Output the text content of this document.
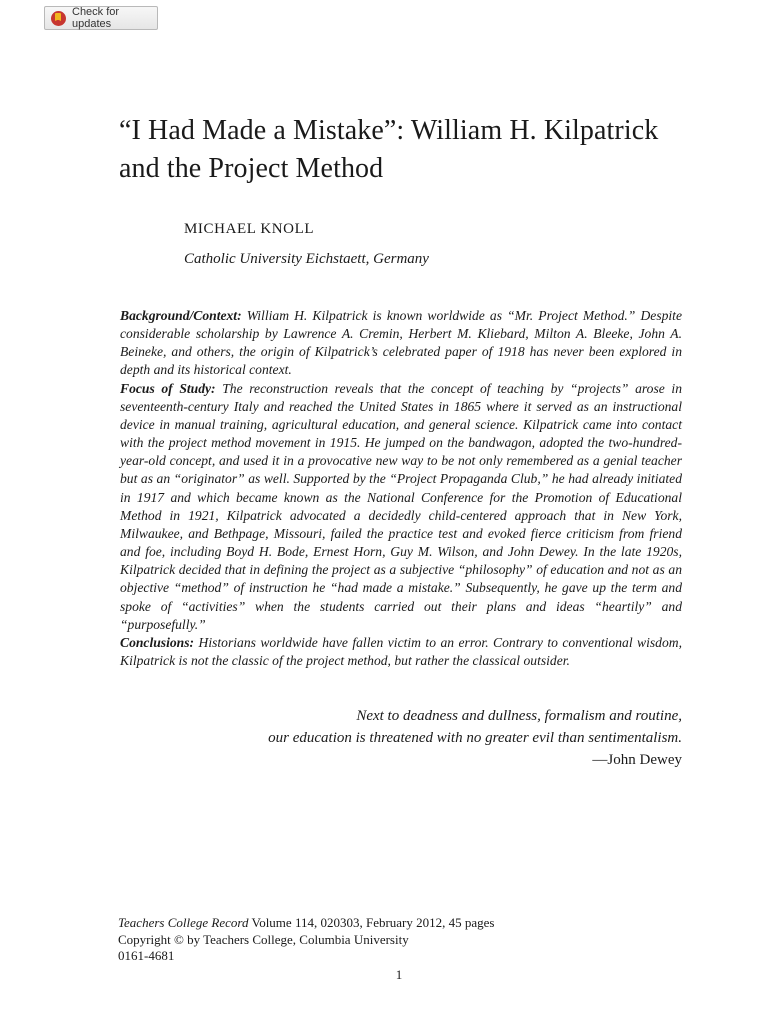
Check for updates
“I Had Made a Mistake”: William H. Kilpatrick and the Project Method
MICHAEL KNOLL
Catholic University Eichstaett, Germany

Background/Context: William H. Kilpatrick is known worldwide as “Mr. Project Method.” Despite considerable scholarship by Lawrence A. Cremin, Herbert M. Kliebard, Milton A. Bleeke, John A. Beineke, and others, the origin of Kilpatrick’s celebrated paper of 1918 has never been explored in depth and its historical context.

Focus of Study: The reconstruction reveals that the concept of teaching by “projects” arose in seventeenth-century Italy and reached the United States in 1865 where it served as an instructional device in manual training, agricultural education, and general science. Kilpatrick came into contact with the project method movement in 1915. He jumped on the bandwagon, adopted the two-hundred-year-old concept, and used it in a provocative new way to be not only remembered as a genial teacher but as an “originator” as well. Supported by the “Project Propaganda Club,” he had already initiated in 1917 and which became known as the National Conference for the Promotion of Educational Method in 1921, Kilpatrick advocated a decidedly child-centered approach that in New York, Milwaukee, and Bethpage, Missouri, failed the practice test and evoked fierce criticism from friend and foe, including Boyd H. Bode, Ernest Horn, Guy M. Wilson, and John Dewey. In the late 1920s, Kilpatrick decided that in defining the project as a subjective “philosophy” of education and not as an objective “method” of instruction he “had made a mistake.” Subsequently, he gave up the term and spoke of “activities” when the students carried out their plans and ideas “heartily” and “purposefully.”

Conclusions: Historians worldwide have fallen victim to an error. Contrary to conventional wisdom, Kilpatrick is not the classic of the project method, but rather the classical outsider.

Next to deadness and dullness, formalism and routine,
our education is threatened with no greater evil than sentimentalism.
—John Dewey
Teachers College Record Volume 114, 020303, February 2012, 45 pages
Copyright © by Teachers College, Columbia University
0161-4681
1
